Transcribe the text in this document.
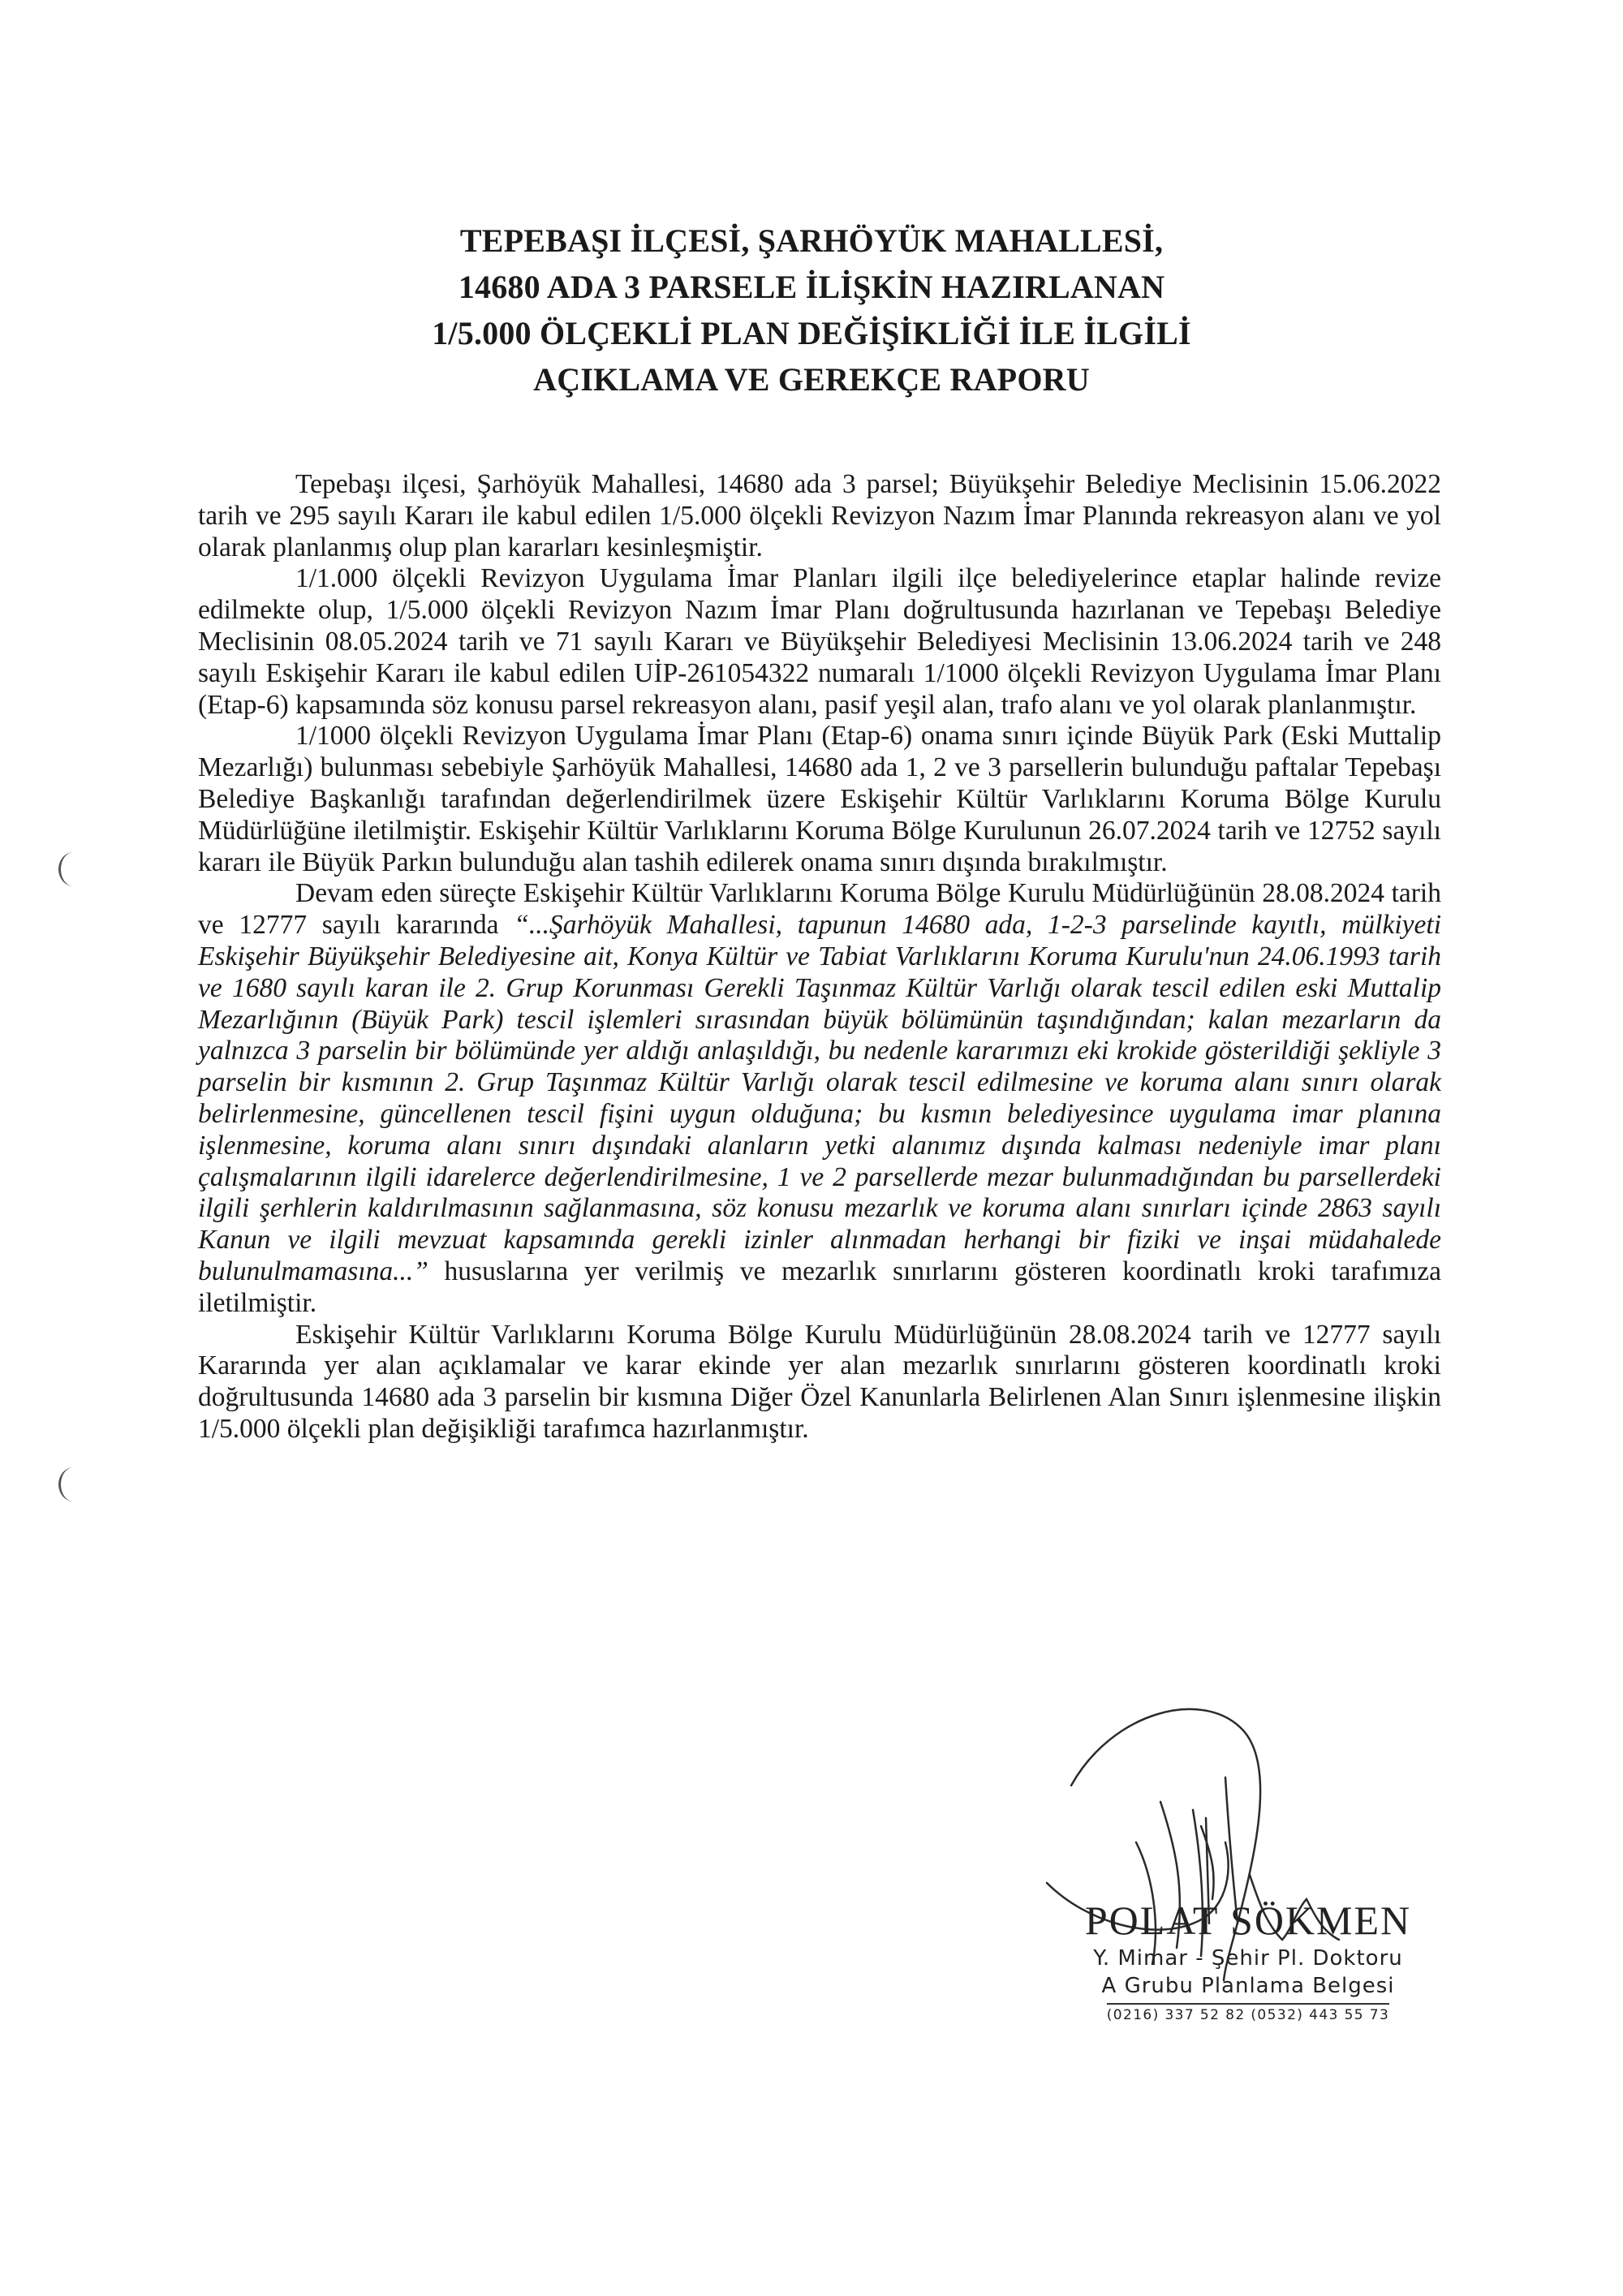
TEPEBAŞI İLÇESİ, ŞARHÖYÜK MAHALLESİ,
14680 ADA 3 PARSELE İLİŞKİN HAZIRLANAN
1/5.000 ÖLÇEKLİ PLAN DEĞİŞİKLİĞİ İLE İLGİLİ
AÇIKLAMA VE GEREKÇE RAPORU

Tepebaşı ilçesi, Şarhöyük Mahallesi, 14680 ada 3 parsel; Büyükşehir Belediye Meclisinin 15.06.2022 tarih ve 295 sayılı Kararı ile kabul edilen 1/5.000 ölçekli Revizyon Nazım İmar Planında rekreasyon alanı ve yol olarak planlanmış olup plan kararları kesinleşmiştir.

1/1.000 ölçekli Revizyon Uygulama İmar Planları ilgili ilçe belediyelerince etaplar halinde revize edilmekte olup, 1/5.000 ölçekli Revizyon Nazım İmar Planı doğrultusunda hazırlanan ve Tepebaşı Belediye Meclisinin 08.05.2024 tarih ve 71 sayılı Kararı ve Büyükşehir Belediyesi Meclisinin 13.06.2024 tarih ve 248 sayılı Eskişehir Kararı ile kabul edilen UİP-261054322 numaralı 1/1000 ölçekli Revizyon Uygulama İmar Planı (Etap-6) kapsamında söz konusu parsel rekreasyon alanı, pasif yeşil alan, trafo alanı ve yol olarak planlanmıştır.

1/1000 ölçekli Revizyon Uygulama İmar Planı (Etap-6) onama sınırı içinde Büyük Park (Eski Muttalip Mezarlığı) bulunması sebebiyle Şarhöyük Mahallesi, 14680 ada 1, 2 ve 3 parsellerin bulunduğu paftalar Tepebaşı Belediye Başkanlığı tarafından değerlendirilmek üzere Eskişehir Kültür Varlıklarını Koruma Bölge Kurulu Müdürlüğüne iletilmiştir. Eskişehir Kültür Varlıklarını Koruma Bölge Kurulunun 26.07.2024 tarih ve 12752 sayılı kararı ile Büyük Parkın bulunduğu alan tashih edilerek onama sınırı dışında bırakılmıştır.

Devam eden süreçte Eskişehir Kültür Varlıklarını Koruma Bölge Kurulu Müdürlüğünün 28.08.2024 tarih ve 12777 sayılı kararında “...Şarhöyük Mahallesi, tapunun 14680 ada, 1-2-3 parselinde kayıtlı, mülkiyeti Eskişehir Büyükşehir Belediyesine ait, Konya Kültür ve Tabiat Varlıklarını Koruma Kurulu'nun 24.06.1993 tarih ve 1680 sayılı karan ile 2. Grup Korunması Gerekli Taşınmaz Kültür Varlığı olarak tescil edilen eski Muttalip Mezarlığının (Büyük Park) tescil işlemleri sırasından büyük bölümünün taşındığından; kalan mezarların da yalnızca 3 parselin bir bölümünde yer aldığı anlaşıldığı, bu nedenle kararımızı eki krokide gösterildiği şekliyle 3 parselin bir kısmının 2. Grup Taşınmaz Kültür Varlığı olarak tescil edilmesine ve koruma alanı sınırı olarak belirlenmesine, güncellenen tescil fişini uygun olduğuna; bu kısmın belediyesince uygulama imar planına işlenmesine, koruma alanı sınırı dışındaki alanların yetki alanımız dışında kalması nedeniyle imar planı çalışmalarının ilgili idarelerce değerlendirilmesine, 1 ve 2 parsellerde mezar bulunmadığından bu parsellerdeki ilgili şerhlerin kaldırılmasının sağlanmasına, söz konusu mezarlık ve koruma alanı sınırları içinde 2863 sayılı Kanun ve ilgili mevzuat kapsamında gerekli izinler alınmadan herhangi bir fiziki ve inşai müdahalede bulunulmamasına...” hususlarına yer verilmiş ve mezarlık sınırlarını gösteren koordinatlı kroki tarafımıza iletilmiştir.

Eskişehir Kültür Varlıklarını Koruma Bölge Kurulu Müdürlüğünün 28.08.2024 tarih ve 12777 sayılı Kararında yer alan açıklamalar ve karar ekinde yer alan mezarlık sınırlarını gösteren koordinatlı kroki doğrultusunda 14680 ada 3 parselin bir kısmına Diğer Özel Kanunlarla Belirlenen Alan Sınırı işlenmesine ilişkin 1/5.000 ölçekli plan değişikliği tarafımca hazırlanmıştır.

POLAT SÖKMEN
Y. Mimar - Şehir Pl. Doktoru
A Grubu Planlama Belgesi
(0216) 337 52 82 (0532) 443 55 73
